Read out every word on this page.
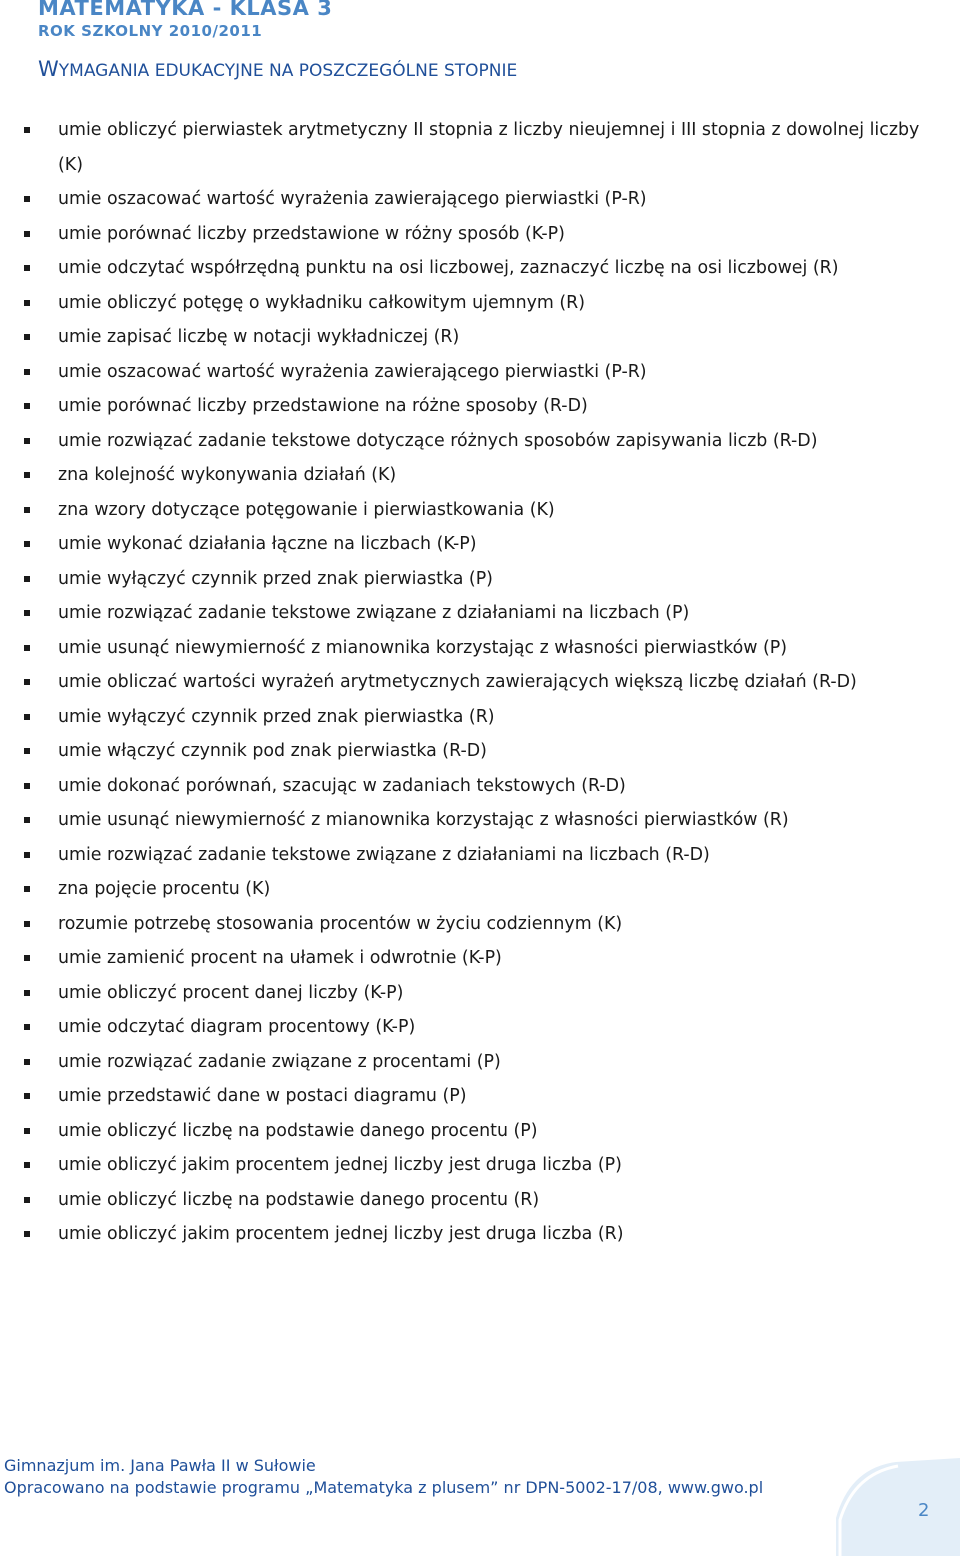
MATEMATYKA - KLASA 3
ROK SZKOLNY 2010/2011
WYMAGANIA EDUKACYJNE NA POSZCZEGÓLNE STOPNIE
umie obliczyć pierwiastek arytmetyczny II stopnia z liczby nieujemnej i III stopnia z dowolnej liczby (K)
umie oszacować wartość wyrażenia zawierającego pierwiastki (P-R)
umie porównać liczby przedstawione w różny sposób (K-P)
umie odczytać współrzędną punktu na osi liczbowej, zaznaczyć liczbę na osi liczbowej (R)
umie obliczyć potęgę o wykładniku całkowitym ujemnym (R)
umie zapisać liczbę w notacji wykładniczej (R)
umie oszacować wartość wyrażenia zawierającego pierwiastki (P-R)
umie porównać liczby przedstawione na różne sposoby (R-D)
umie rozwiązać zadanie tekstowe dotyczące różnych sposobów zapisywania liczb (R-D)
zna kolejność wykonywania działań (K)
zna wzory dotyczące potęgowanie i pierwiastkowania (K)
umie wykonać działania łączne na liczbach (K-P)
umie wyłączyć czynnik przed znak pierwiastka (P)
umie rozwiązać zadanie tekstowe związane z działaniami na liczbach (P)
umie usunąć niewymierność z mianownika korzystając z własności pierwiastków (P)
umie obliczać wartości wyrażeń arytmetycznych zawierających większą liczbę działań (R-D)
umie wyłączyć czynnik przed znak pierwiastka (R)
umie włączyć czynnik pod znak pierwiastka (R-D)
umie dokonać porównań, szacując w zadaniach tekstowych (R-D)
umie usunąć niewymierność z mianownika korzystając z własności pierwiastków (R)
umie rozwiązać zadanie tekstowe związane z działaniami na liczbach (R-D)
zna pojęcie procentu (K)
rozumie potrzebę stosowania procentów w życiu codziennym (K)
umie zamienić procent na ułamek i odwrotnie (K-P)
umie obliczyć procent danej liczby (K-P)
umie odczytać diagram procentowy (K-P)
umie rozwiązać zadanie związane z procentami (P)
umie przedstawić dane w postaci diagramu (P)
umie obliczyć liczbę na podstawie danego procentu (P)
umie obliczyć jakim procentem jednej liczby jest druga liczba (P)
umie obliczyć liczbę na podstawie danego procentu (R)
umie obliczyć jakim procentem jednej liczby jest druga liczba (R)
Gimnazjum im. Jana Pawła II w Sułowie
Opracowano na podstawie programu „Matematyka z plusem” nr DPN-5002-17/08, www.gwo.pl
2
